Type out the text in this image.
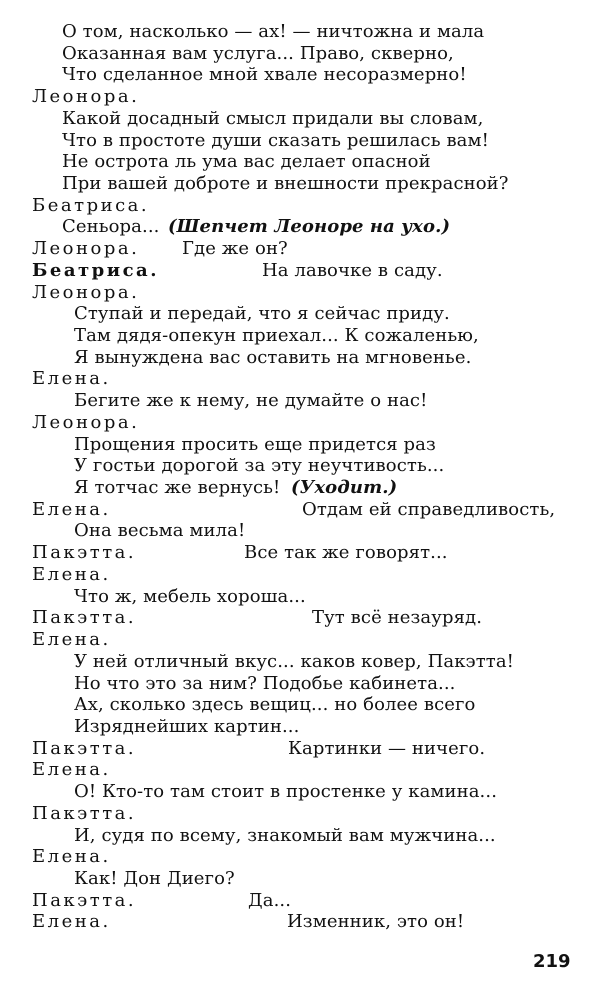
О том, насколько — ах! — ничтожна и мала
Оказанная вам услуга... Право, скверно,
Что сделанное мной хвале несоразмерно!
Леонора.
Какой досадный смысл придали вы словам,
Что в простоте души сказать решилась вам!
Не острота ль ума вас делает опасной
При вашей доброте и внешности прекрасной?
Беатриса.
Сеньора... (Шепчет Леоноре на ухо.)
Леонора. Где же он?
Беатриса.	На лавочке в саду.
Леонора.
Ступай и передай, что я сейчас приду.
Там дядя-опекун приехал... К сожаленью,
Я вынуждена вас оставить на мгновенье.
Елена.
Бегите же к нему, не думайте о нас!
Леонора.
Прощения просить еще придется раз
У гостьи дорогой за эту неучтивость...
Я тотчас же вернусь! (Уходит.)
Елена.	Отдам ей справедливость,
Она весьма мила!
Пакэтта.	Все так же говорят...
Елена.
Что ж, мебель хороша...
Пакэтта.	Тут всё незауряд.
Елена.
У ней отличный вкус... каков ковер, Пакэтта!
Но что это за ним? Подобье кабинета...
Ах, сколько здесь вещиц... но более всего
Изряднейших картин...
Пакэтта.	Картинки — ничего.
Елена.
О! Кто-то там стоит в простенке у камина...
Пакэтта.
И, судя по всему, знакомый вам мужчина...
Елена.
Как! Дон Диего?
Пакэтта.	Да...
Елена.	Изменник, это он!
219
